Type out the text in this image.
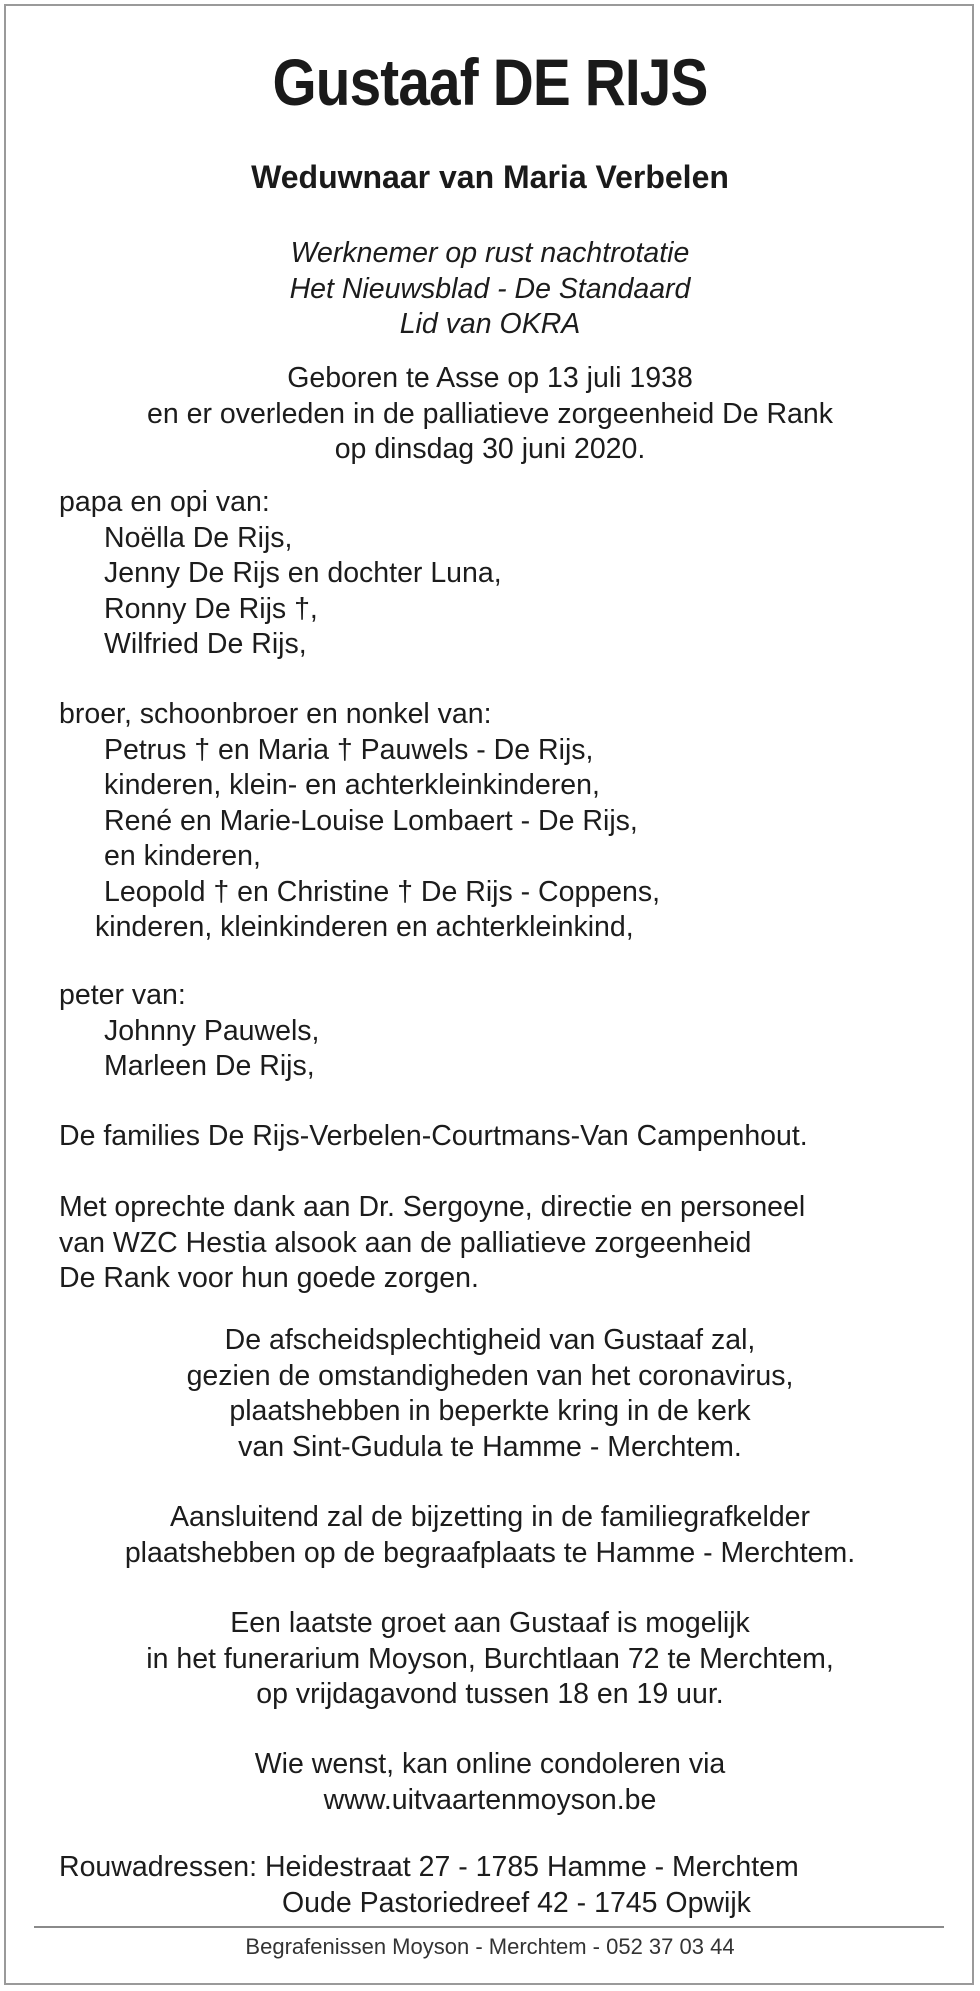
Gustaaf DE RIJS
Weduwnaar van Maria Verbelen
Werknemer op rust nachtrotatie
Het Nieuwsblad - De Standaard
Lid van OKRA
Geboren te Asse op 13 juli 1938
en er overleden in de palliatieve zorgeenheid De Rank
op dinsdag 30 juni 2020.
papa en opi van:
Noëlla De Rijs,
Jenny De Rijs en dochter Luna,
Ronny De Rijs †,
Wilfried De Rijs,
broer, schoonbroer en nonkel van:
Petrus † en Maria † Pauwels - De Rijs,
kinderen, klein- en achterkleinkinderen,
René en Marie-Louise Lombaert - De Rijs,
en kinderen,
Leopold † en Christine † De Rijs - Coppens,
kinderen, kleinkinderen en achterkleinkind,
peter van:
Johnny Pauwels,
Marleen De Rijs,
De families De Rijs-Verbelen-Courtmans-Van Campenhout.
Met oprechte dank aan Dr. Sergoyne, directie en personeel
van WZC Hestia alsook aan de palliatieve zorgeenheid
De Rank voor hun goede zorgen.
De afscheidsplechtigheid van Gustaaf zal,
gezien de omstandigheden van het coronavirus,
plaatshebben in beperkte kring in de kerk
van Sint-Gudula te Hamme - Merchtem.
Aansluitend zal de bijzetting in de familiegrafkelder
plaatshebben op de begraafplaats te Hamme - Merchtem.
Een laatste groet aan Gustaaf is mogelijk
in het funerarium Moyson, Burchtlaan 72 te Merchtem,
op vrijdagavond tussen 18 en 19 uur.
Wie wenst, kan online condoleren via
www.uitvaartenmoyson.be
Rouwadressen: Heidestraat 27 - 1785 Hamme - Merchtem
Oude Pastoriedreef 42 - 1745 Opwijk
Begrafenissen Moyson - Merchtem - 052 37 03 44
